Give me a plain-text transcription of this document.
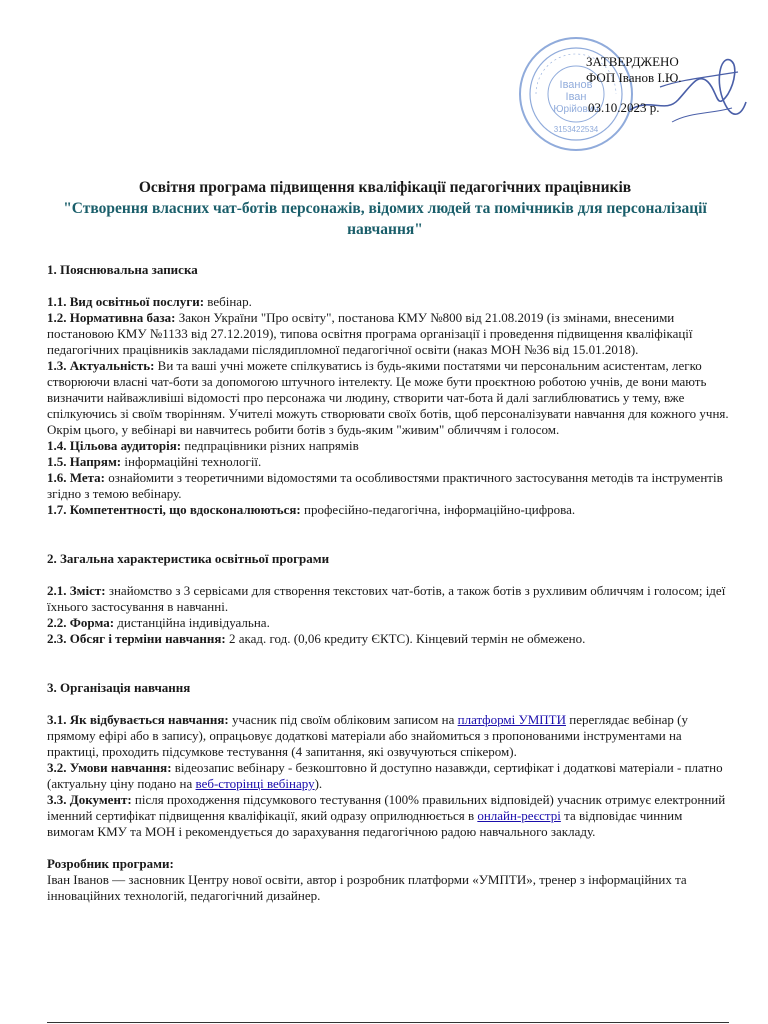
Іванов
Іван
Юрійович
3153422534
ЗАТВЕРДЖЕНО
ФОП Іванов І.Ю.
03.10.2023 р.
Освітня програма підвищення кваліфікації педагогічних працівників
"Створення власних чат-ботів персонажів, відомих людей та помічників для персоналізації навчання"

1. Пояснювальна записка

1.1. Вид освітньої послуги: вебінар.

1.2. Нормативна база: Закон України "Про освіту", постанова КМУ №800 від 21.08.2019 (із змінами, внесеними постановою КМУ №1133 від 27.12.2019), типова освітня програма організації і проведення підвищення кваліфікації педагогічних працівників закладами післядипломної педагогічної освіти (наказ МОН №36 від 15.01.2018).

1.3. Актуальність: Ви та ваші учні можете спілкуватись із будь-якими постатями чи персональним асистентам, легко створюючи власні чат-боти за допомогою штучного інтелекту. Це може бути проєктною роботою учнів, де вони мають визначити найважливіші відомості про персонажа чи людину, створити чат-бота й далі заглиблюватись у тему, вже спілкуючись зі своїм творінням. Учителі можуть створювати своїх ботів, щоб персоналізувати навчання для кожного учня. Окрім цього, у вебінарі ви навчитесь робити ботів з будь-яким "живим" обличчям і голосом.

1.4. Цільова аудиторія: педпрацівники різних напрямів

1.5. Напрям: інформаційні технології.

1.6. Мета: ознайомити з теоретичними відомостями та особливостями практичного застосування методів та інструментів згідно з темою вебінару.

1.7. Компетентності, що вдосконалюються: професійно-педагогічна, інформаційно-цифрова.

2. Загальна характеристика освітньої програми

2.1. Зміст: знайомство з 3 сервісами для створення текстових чат-ботів, а також ботів з рухливим обличчям і голосом; ідеї їхнього застосування в навчанні.

2.2. Форма: дистанційна індивідуальна.

2.3. Обсяг і терміни навчання: 2 акад. год. (0,06 кредиту ЄКТС). Кінцевий термін не обмежено.

3. Організація навчання

3.1. Як відбувається навчання: учасник під своїм обліковим записом на платформі УМПТИ переглядає вебінар (у прямому ефірі або в запису), опрацьовує додаткові матеріали або знайомиться з пропонованими інструментами на практиці, проходить підсумкове тестування (4 запитання, які озвучуються спікером).

3.2. Умови навчання: відеозапис вебінару - безкоштовно й доступно назавжди, сертифікат і додаткові матеріали - платно (актуальну ціну подано на веб-сторінці вебінару).

3.3. Документ: після проходження підсумкового тестування (100% правильних відповідей) учасник отримує електронний іменний сертифікат підвищення кваліфікації, який одразу оприлюднюється в онлайн-реєстрі та відповідає чинним вимогам КМУ та МОН і рекомендується до зарахування педагогічною радою навчального закладу.

Розробник програми:

Іван Іванов — засновник Центру нової освіти, автор і розробник платформи «УМПТИ», тренер з інформаційних та інноваційних технологій, педагогічний дизайнер.
